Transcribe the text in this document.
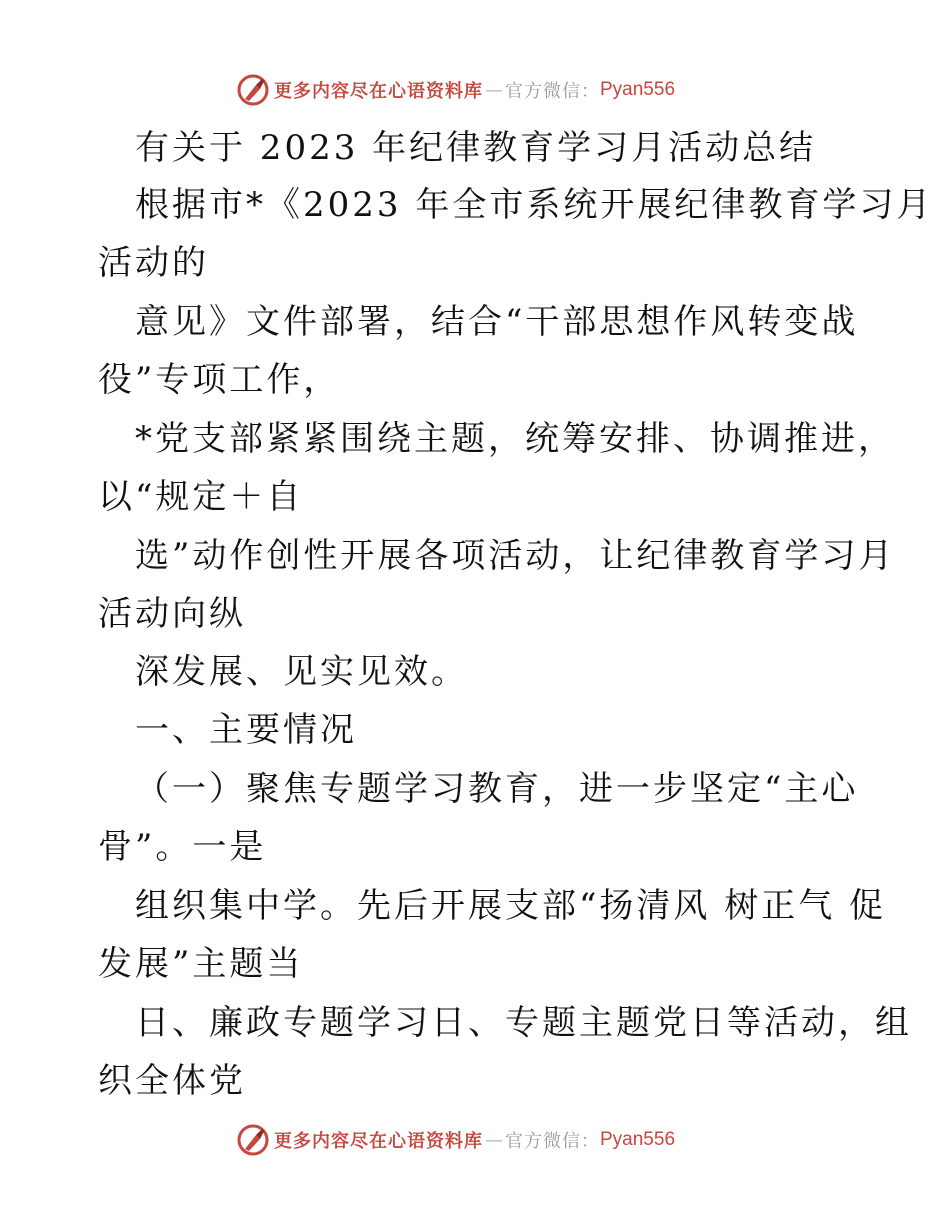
更多内容尽在心语资料库 — 官方微信： Pyan556
有关于 2023 年纪律教育学习月活动总结
根据市*《2023 年全市系统开展纪律教育学习月
活动的
意见》文件部署，结合“干部思想作风转变战
役”专项工作，
*党支部紧紧围绕主题，统筹安排、协调推进，
以“规定＋自
选”动作创性开展各项活动，让纪律教育学习月
活动向纵
深发展、见实见效。
一、主要情况
（一）聚焦专题学习教育，进一步坚定“主心
骨”。一是
组织集中学。先后开展支部“扬清风 树正气 促
发展”主题当
日、廉政专题学习日、专题主题党日等活动，组
织全体党
更多内容尽在心语资料库 — 官方微信： Pyan556
